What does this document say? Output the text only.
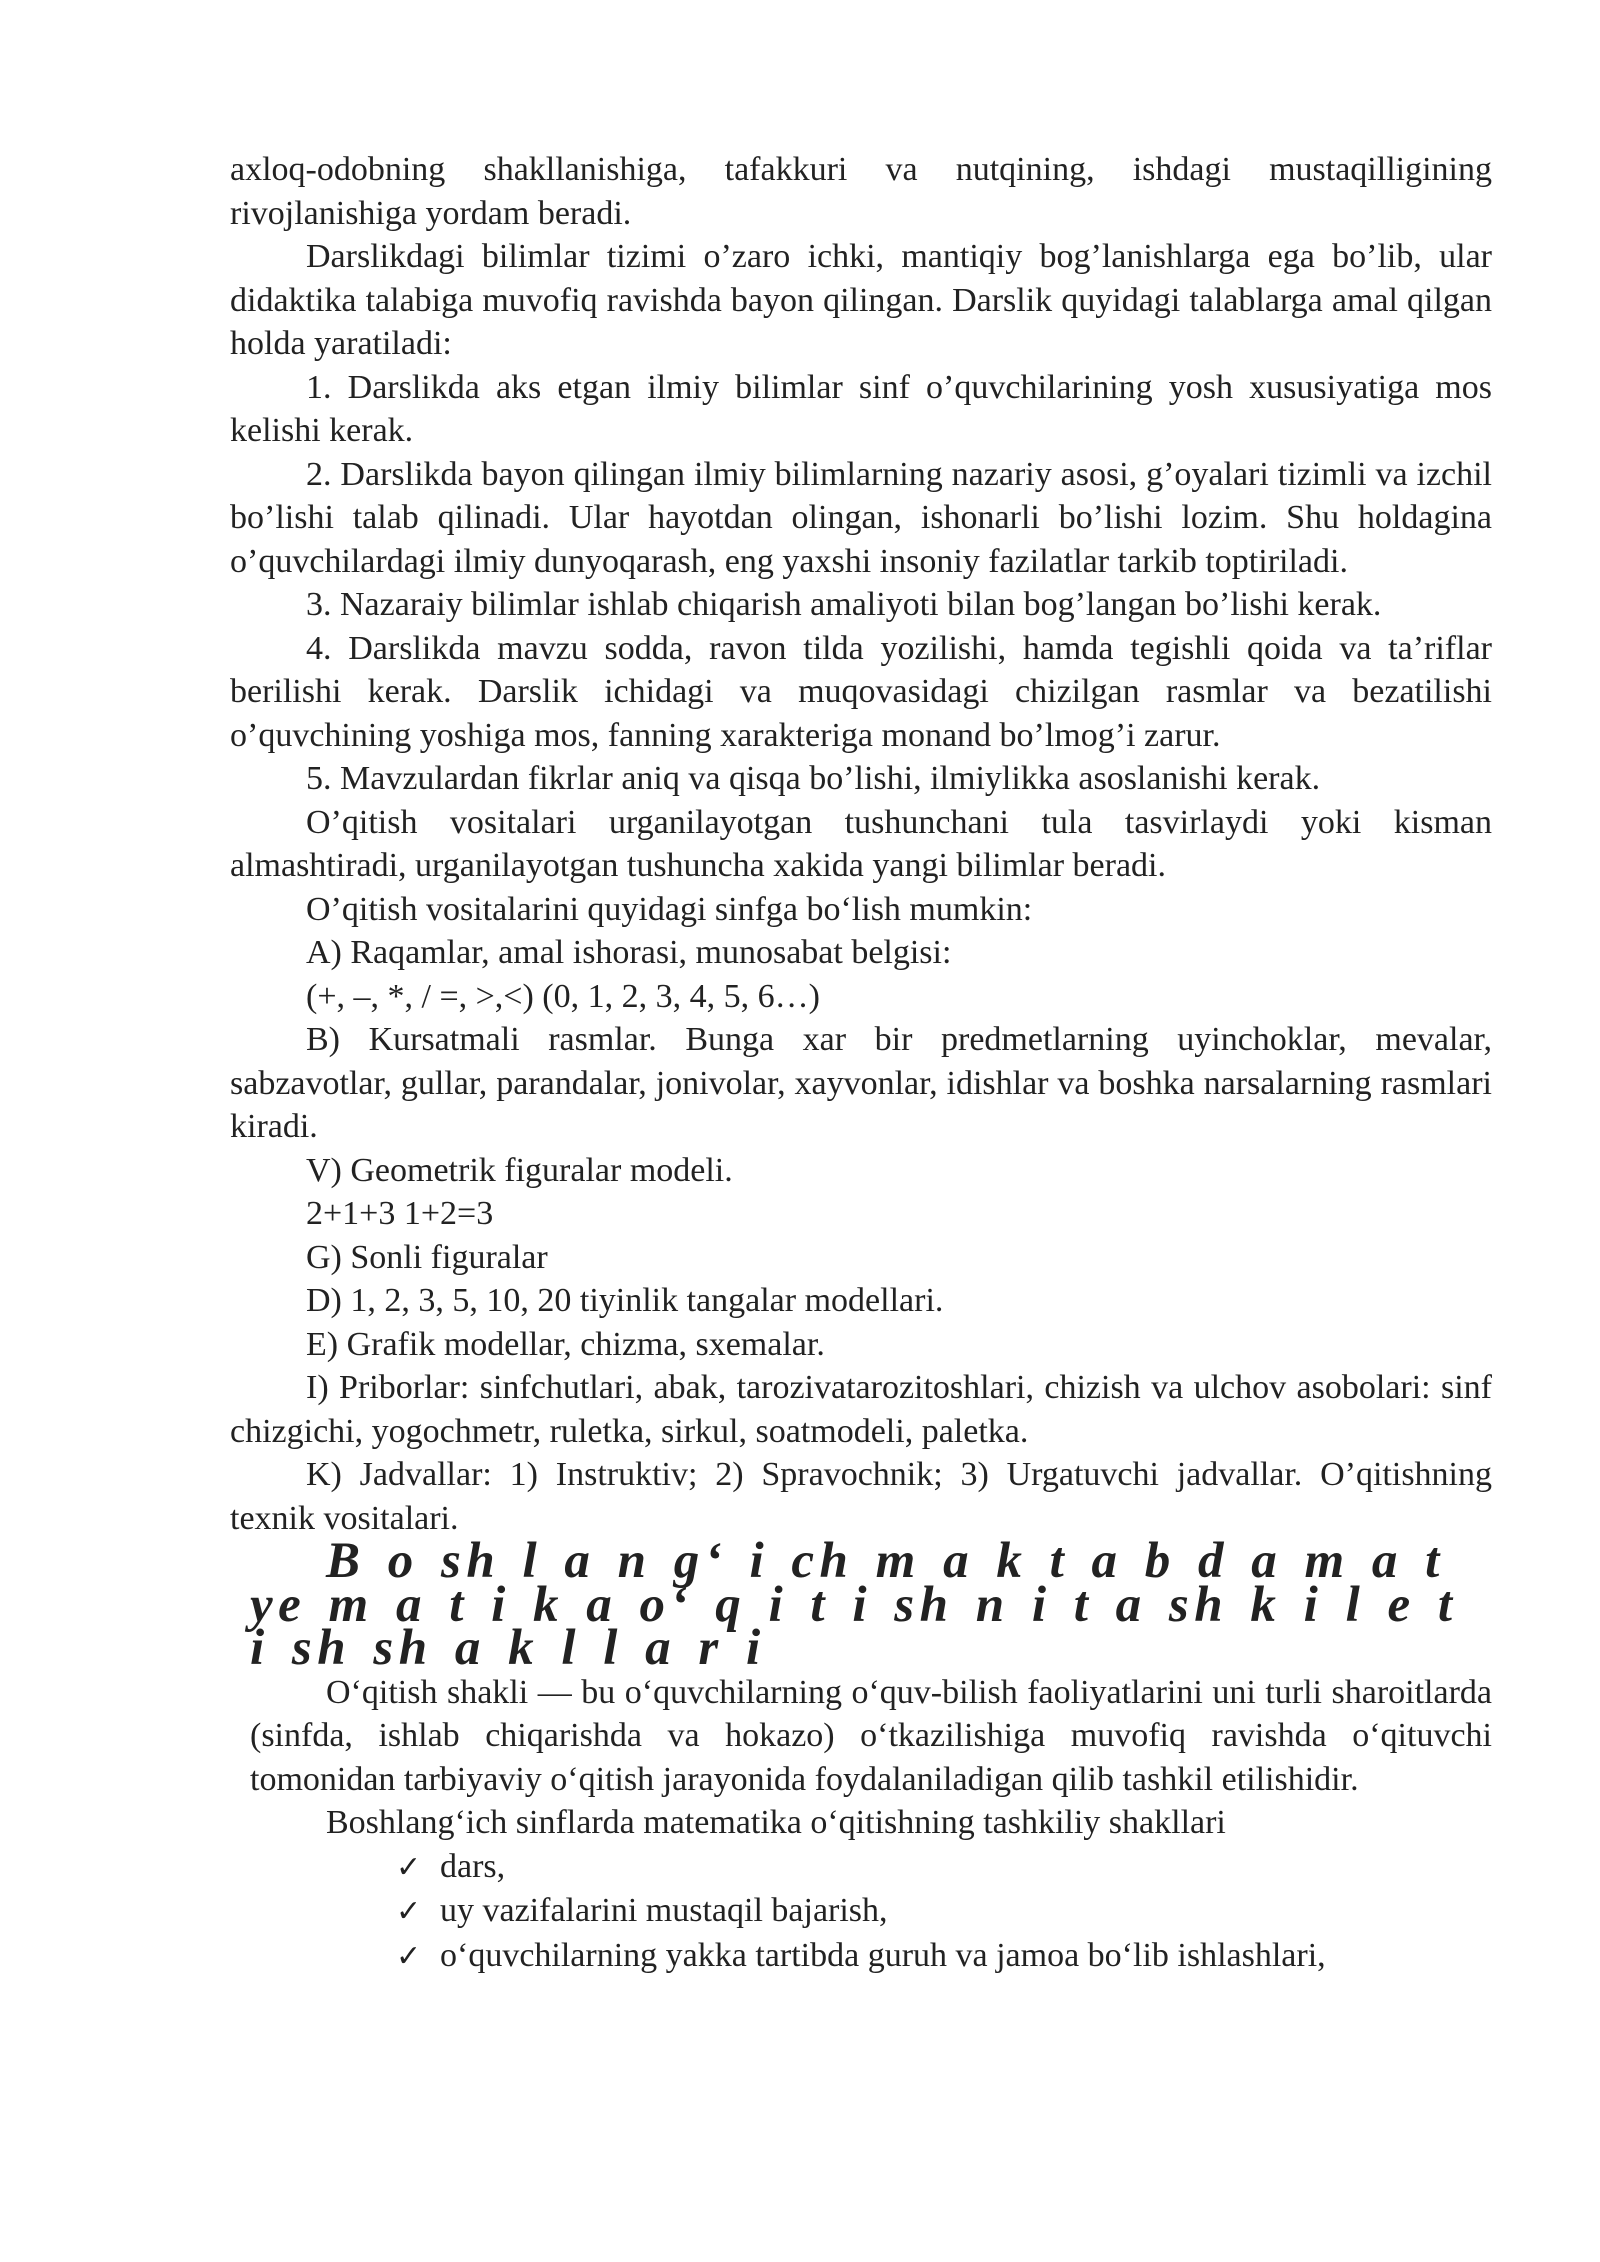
axloq-odobning shakllanishiga, tafakkuri va nutqining, ishdagi mustaqilligining rivojlanishiga yordam beradi.

Darslikdagi bilimlar tizimi o’zaro ichki, mantiqiy bog’lanishlarga ega bo’lib, ular didaktika talabiga muvofiq ravishda bayon qilingan. Darslik quyidagi talablarga amal qilgan holda yaratiladi:

1. Darslikda aks etgan ilmiy bilimlar sinf o’quvchilarining yosh xususiyatiga mos kelishi kerak.

2. Darslikda bayon qilingan ilmiy bilimlarning nazariy asosi, g’oyalari tizimli va izchil bo’lishi talab qilinadi. Ular hayotdan olingan, ishonarli bo’lishi lozim. Shu holdagina o’quvchilardagi ilmiy dunyoqarash, eng yaxshi insoniy fazilatlar tarkib toptiriladi.

3. Nazaraiy bilimlar ishlab chiqarish amaliyoti bilan bog’langan bo’lishi kerak.

4. Darslikda mavzu sodda, ravon tilda yozilishi, hamda tegishli qoida va ta’riflar berilishi kerak. Darslik ichidagi va muqovasidagi chizilgan rasmlar va bezatilishi o’quvchining yoshiga mos, fanning xarakteriga monand bo’lmog’i zarur.

5. Mavzulardan fikrlar aniq va qisqa bo’lishi, ilmiylikka asoslanishi kerak.

O’qitish vositalari urganilayotgan tushunchani tula tasvirlaydi yoki kisman almashtiradi, urganilayotgan tushuncha xakida yangi bilimlar beradi.

O’qitish vositalarini quyidagi sinfga bo‘lish mumkin:

A) Raqamlar, amal ishorasi, munosabat belgisi:

(+, –, *, / =, >,<) (0, 1, 2, 3, 4, 5, 6…)

B) Kursatmali rasmlar. Bunga xar bir predmetlarning uyinchoklar, mevalar, sabzavotlar, gullar, parandalar, jonivolar, xayvonlar, idishlar va boshka narsalarning rasmlari kiradi.

V) Geometrik figuralar modeli.

2+1+3 1+2=3

G) Sonli figuralar

D) 1, 2, 3, 5, 10, 20 tiyinlik tangalar modellari.

E) Grafik modellar, chizma, sxemalar.

I) Priborlar: sinfchutlari, abak, tarozivatarozitoshlari, chizish va ulchov asobolari: sinf chizgichi, yogochmetr, ruletka, sirkul, soatmodeli, paletka.

K) Jadvallar: 1) Instruktiv; 2) Spravochnik; 3) Urgatuvchi jadvallar. O’qitishning texnik vositalari.

B o sh l a n g‘ i ch m a k t a b d a m a t ye m a t i k a o‘ q i t i sh n i t a sh k i l e t i sh sh a k l l a r i

O‘qitish shakli — bu o‘quvchilarning o‘quv-bilish faoliyatlarini uni turli sharoitlarda (sinfda, ishlab chiqarishda va hokazo) o‘tkazilishiga muvofiq ravishda o‘qituvchi tomonidan tarbiyaviy o‘qitish jarayonida foydalaniladigan qilib tashkil etilishidir.

Boshlang‘ich sinflarda matematika o‘qitishning tashkiliy shakllari

✓ dars,
✓ uy vazifalarini mustaqil bajarish,
✓ o‘quvchilarning yakka tartibda guruh va jamoa bo‘lib ishlashlari,
